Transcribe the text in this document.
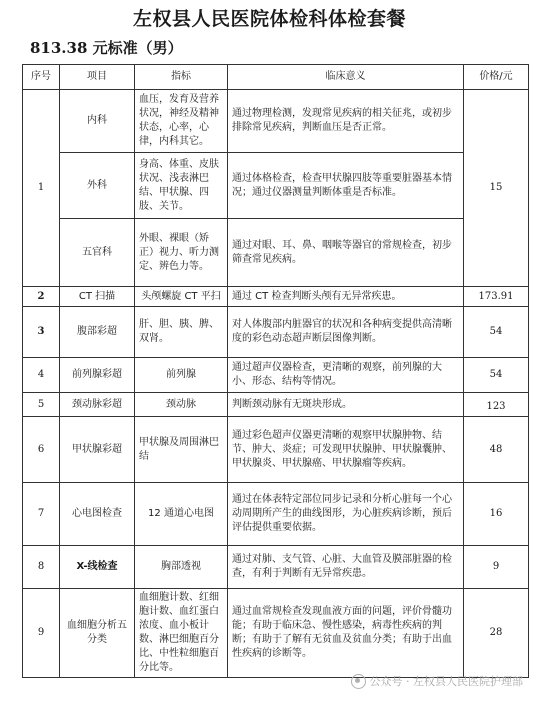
左权县人民医院体检科体检套餐
813.38 元标准（男）
序号	项目	指标	临床意义	价格/元
1	内科	血压，发育及营养状况，神经及精神状态，心率，心律，内科其它。	通过物理检测，发现常见疾病的相关征兆，或初步排除常见疾病，判断血压是否正常。	15
	外科	身高、体重、皮肤状况、浅表淋巴结、甲状腺、四肢、关节。	通过体格检查，检查甲状腺四肢等重要脏器基本情况；通过仪器测量判断体重是否标准。	
	五官科	外眼、裸眼（矫正）视力、听力测定、辨色力等。	通过对眼、耳、鼻、咽喉等器官的常规检查，初步筛查常见疾病。	
2	CT 扫描	头颅螺旋 CT 平扫	通过 CT 检查判断头颅有无异常疾患。	173.91
3	腹部彩超	肝、胆、胰、脾、双肾。	对人体腹部内脏器官的状况和各种病变提供高清晰度的彩色动态超声断层图像判断。	54
4	前列腺彩超	前列腺	通过超声仪器检查，更清晰的观察，前列腺的大小、形态、结构等情况。	54
5	颈动脉彩超	颈动脉	判断颈动脉有无斑块形成。	123
6	甲状腺彩超	甲状腺及周围淋巴结	通过彩色超声仪器更清晰的观察甲状腺肿物、结节、肿大、炎症；可发现甲状腺肿、甲状腺囊肿、甲状腺炎、甲状腺癌、甲状腺瘤等疾病。	48
7	心电图检查	12 通道心电图	通过在体表特定部位同步记录和分析心脏每一个心动周期所产生的曲线图形，为心脏疾病诊断，预后评估提供重要依据。	16
8	X-线检查	胸部透视	通过对肺、支气管、心脏、大血管及膜部脏器的检查，有利于判断有无异常疾患。	9
9	血细胞分析五分类	血细胞计数、红细胞计数、血红蛋白浓度、血小板计数、淋巴细胞百分比、中性粒细胞百分比等。	通过血常规检查发现血液方面的问题，评价骨髓功能；有助于临床急、慢性感染，病毒性疾病的判断；有助于了解有无贫血及贫血分类；有助于出血性疾病的诊断等。	28
公众号 · 左权县人民医院护理部
